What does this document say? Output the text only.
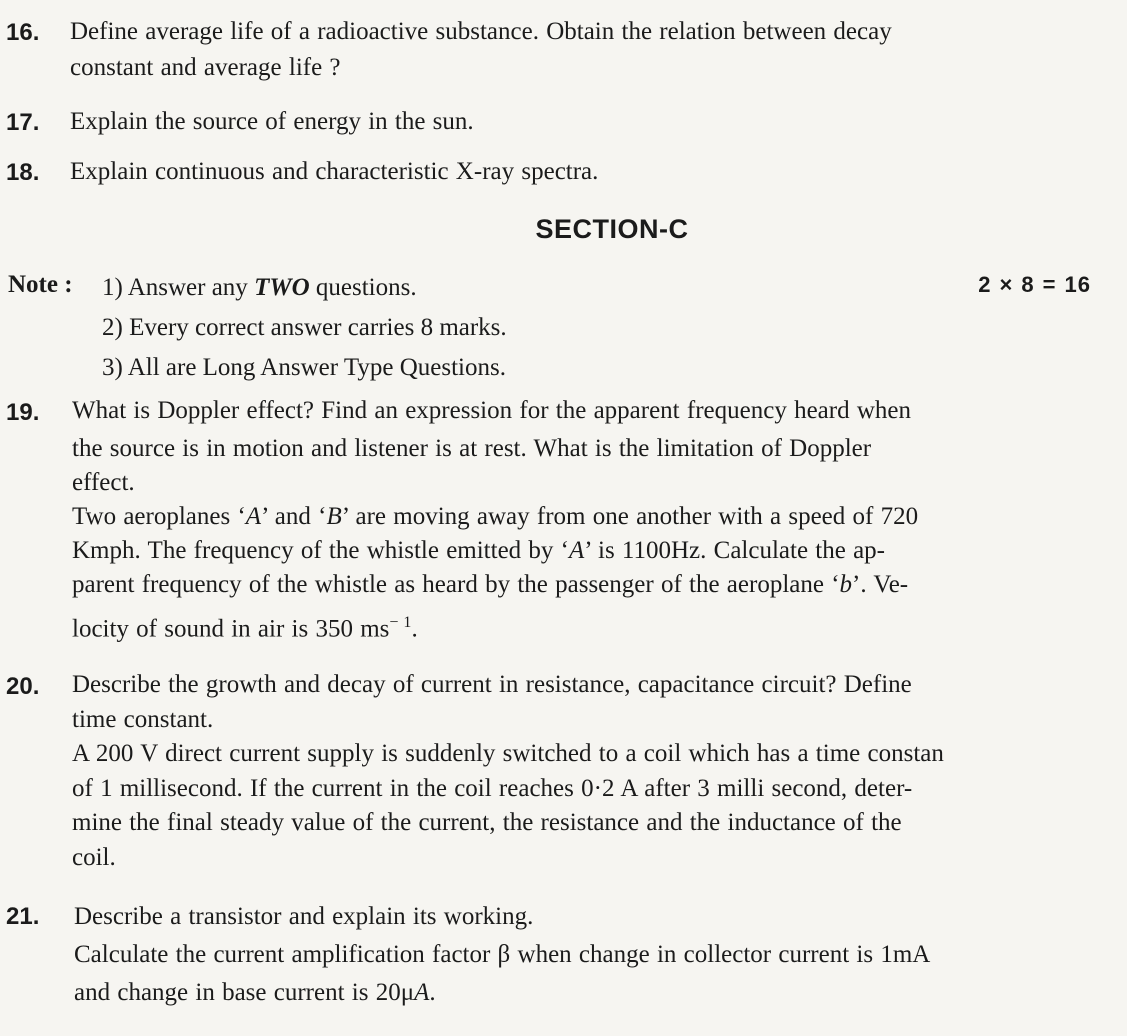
16. Define average life of a radioactive substance. Obtain the relation between decay
constant and average life ?
17. Explain the source of energy in the sun.
18. Explain continuous and characteristic X-ray spectra.
SECTION-C
Note : 1) Answer any TWO questions.
2) Every correct answer carries 8 marks.
3) All are Long Answer Type Questions.
2 × 8 = 16
19. What is Doppler effect? Find an expression for the apparent frequency heard when
the source is in motion and listener is at rest. What is the limitation of Doppler
effect.
Two aeroplanes ‘A’ and ‘B’ are moving away from one another with a speed of 720
Kmph. The frequency of the whistle emitted by ‘A’ is 1100Hz. Calculate the ap-
parent frequency of the whistle as heard by the passenger of the aeroplane ‘b’. Ve-
locity of sound in air is 350 $ms^{- 1}$.
20. Describe the growth and decay of current in resistance, capacitance circuit? Define
time constant.
A 200 V direct current supply is suddenly switched to a coil which has a time constan
of 1 millisecond. If the current in the coil reaches 0·2 A after 3 milli second, deter-
mine the final steady value of the current, the resistance and the inductance of the
coil.
21. Describe a transistor and explain its working.
Calculate the current amplification factor β when change in collector current is 1mA
and change in base current is 20μA.
